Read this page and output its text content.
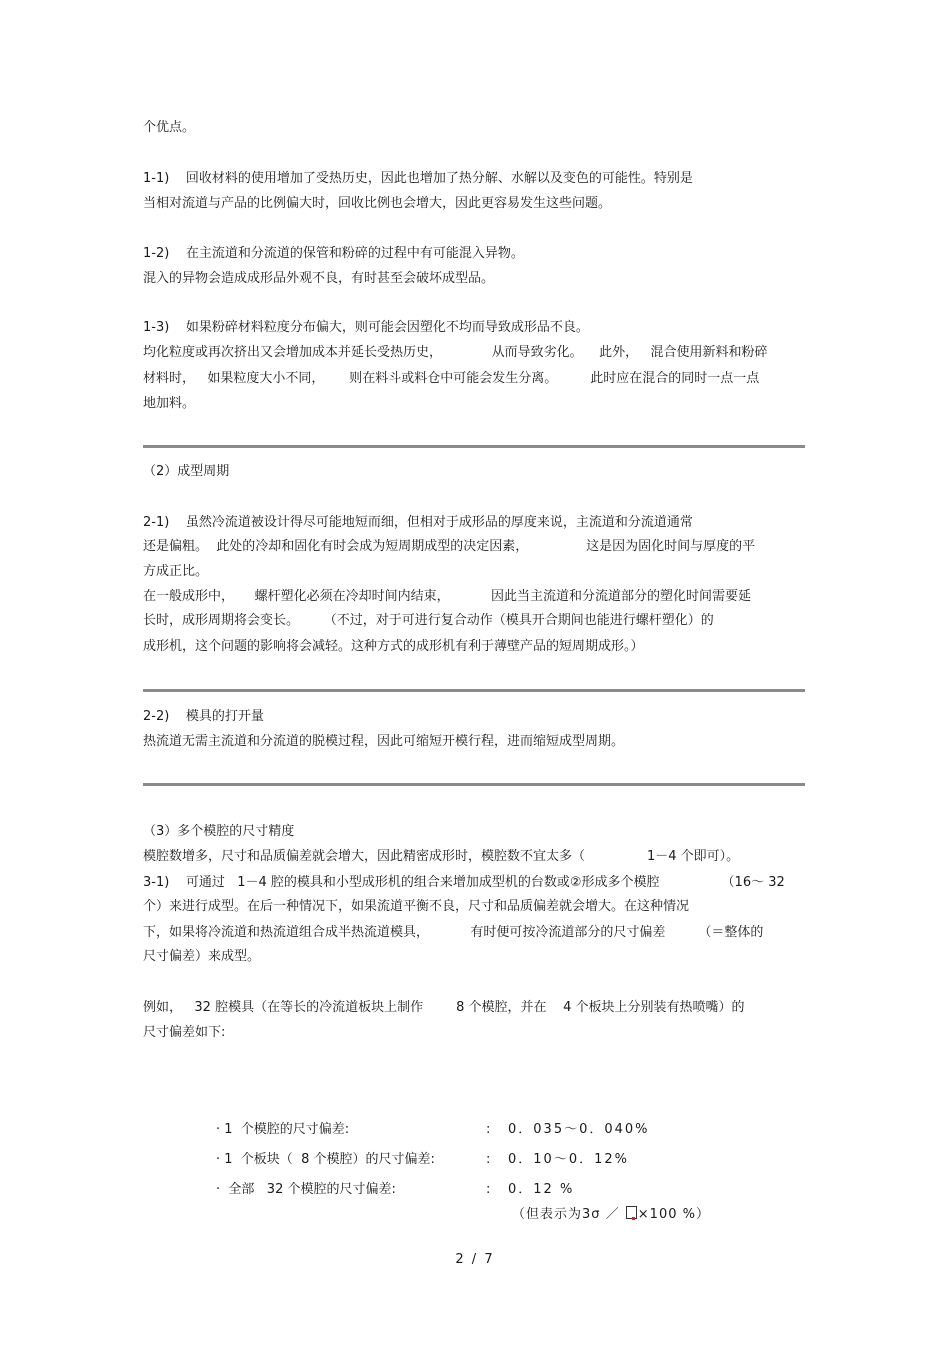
个优点。
1-1)    回收材料的使用增加了受热历史，因此也增加了热分解、水解以及变色的可能性。特别是
当相对流道与产品的比例偏大时，回收比例也会增大，因此更容易发生这些问题。
1-2)    在主流道和分流道的保管和粉碎的过程中有可能混入异物。
混入的异物会造成成形品外观不良，有时甚至会破坏成型品。
1-3)    如果粉碎材料粒度分布偏大，则可能会因塑化不均而导致成形品不良。
均化粒度或再次挤出又会增加成本并延长受热历史，            从而导致劣化。    此外，   混合使用新料和粉碎
材料时，   如果粒度大小不同，      则在料斗或料仓中可能会发生分离。        此时应在混合的同时一点一点
地加料。
（2）成型周期
2-1)    虽然冷流道被设计得尽可能地短而细，但相对于成形品的厚度来说，主流道和分流道通常
还是偏粗。  此处的冷却和固化有时会成为短周期成型的决定因素，              这是因为固化时间与厚度的平
方成正比。
在一般成形中，     螺杆塑化必须在冷却时间内结束，          因此当主流道和分流道部分的塑化时间需要延
长时，成形周期将会变长。      （不过，对于可进行复合动作（模具开合期间也能进行螺杆塑化）的
成形机，这个问题的影响将会减轻。这种方式的成形机有利于薄壁产品的短周期成形。）
2-2)    模具的打开量
热流道无需主流道和分流道的脱模过程，因此可缩短开模行程，进而缩短成型周期。
（3）多个模腔的尺寸精度
模腔数增多，尺寸和品质偏差就会增大，因此精密成形时，模腔数不宜太多（               1－4 个即可）。
3-1)    可通过   1－4 腔的模具和小型成形机的组合来增加成型机的台数或②形成多个模腔               （16～ 32
个）来进行成型。在后一种情况下，如果流道平衡不良，尺寸和品质偏差就会增大。在这种情况
下，如果将冷流道和热流道组合成半热流道模具，          有时便可按冷流道部分的尺寸偏差        （＝整体的
尺寸偏差）来成型。
例如，   32 腔模具（在等长的冷流道板块上制作        8 个模腔，并在    4 个板块上分别装有热喷嘴）的
尺寸偏差如下:
· 1  个模腔的尺寸偏差:	: 0．035～0．040%
· 1  个板块（  8 个模腔）的尺寸偏差:	: 0．10～0．12%
·  全部   32 个模腔的尺寸偏差:	: 0．12 %
（但表示为3σ ／ ×100 %）
2 / 7
